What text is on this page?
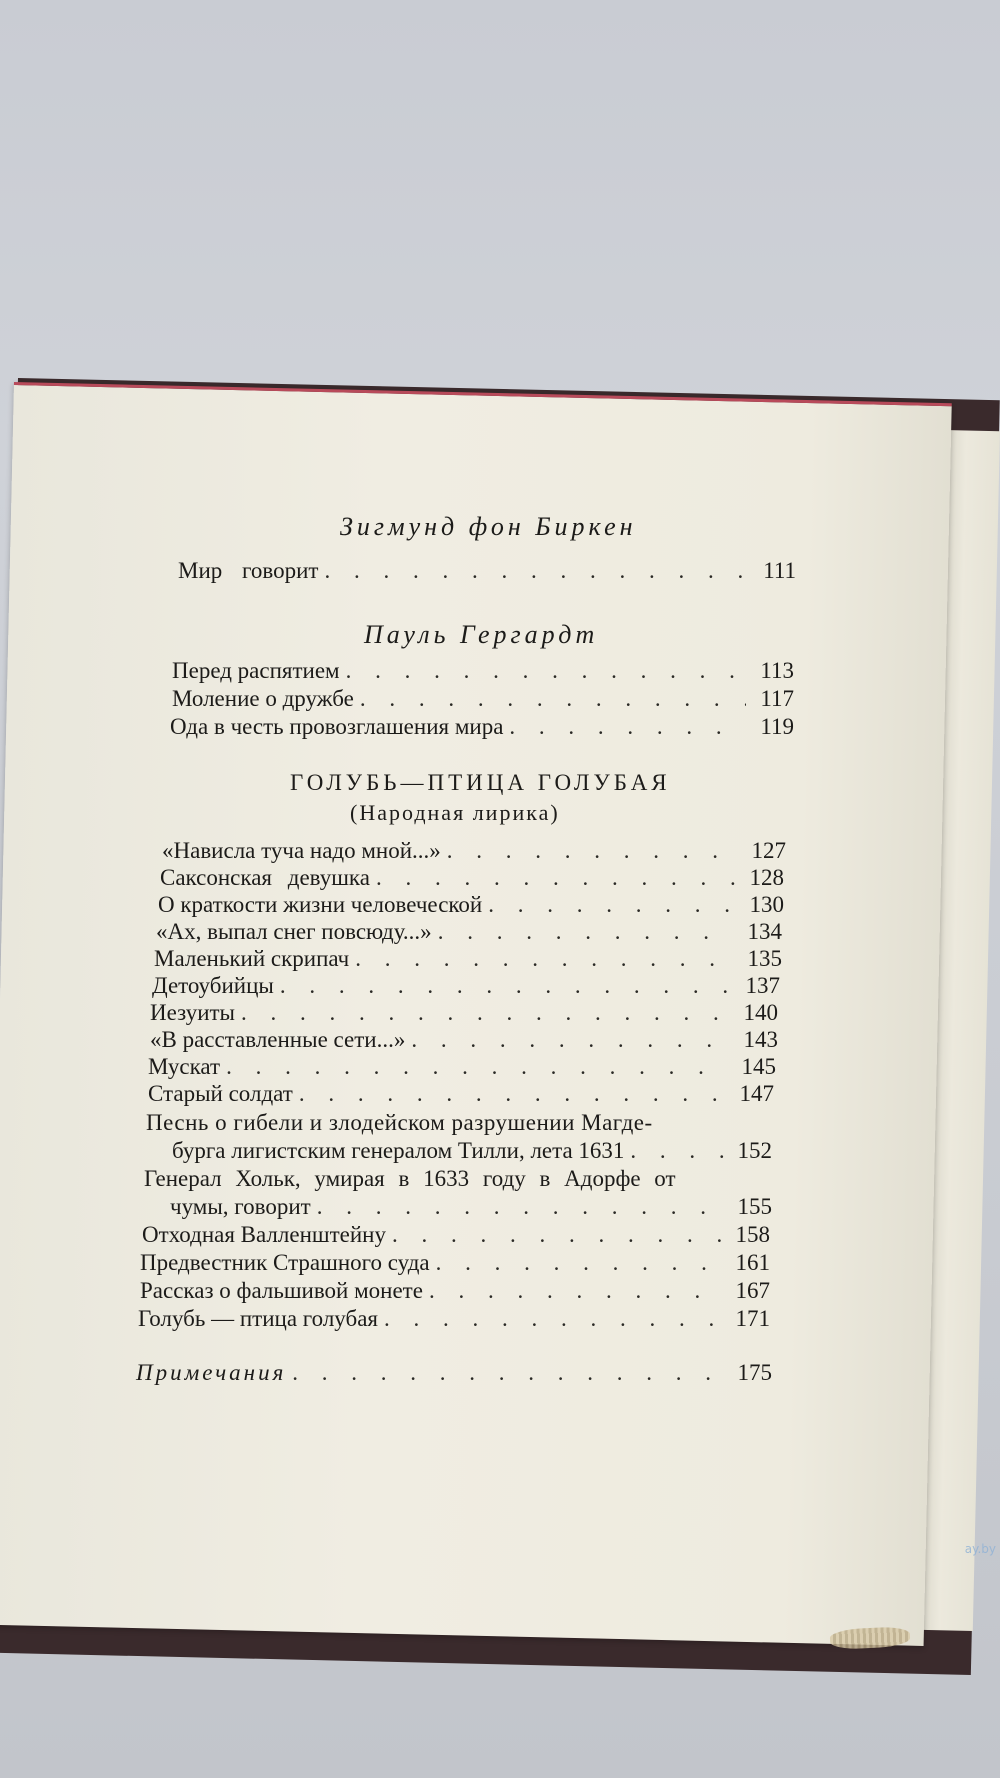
Зигмунд фон Биркен
Мир говорит . . .	111
Пауль Гергардт
Перед распятием . . .	113
Моление о дружбе . . .	117
Ода в честь провозглашения мира . . .	119
ГОЛУБЬ—ПТИЦА ГОЛУБАЯ
(Народная лирика)
«Нависла туча надо мной...» . . .	127
Саксонская девушка . . .	128
О краткости жизни человеческой . . .	130
«Ах, выпал снег повсюду...» . . .	134
Маленький скрипач . . .	135
Детоубийцы . . .	137
Иезуиты . . .	140
«В расставленные сети...» . . .	143
Мускат . . .	145
Старый солдат . . .	147
Песнь о гибели и злодейском разрушении Магде-
бурга лигистским генералом Тилли, лета 1631 . . .	152
Генерал Хольк, умирая в 1633 году в Адорфе от
чумы, говорит . . .	155
Отходная Валленштейну . . .	158
Предвестник Страшного суда . . .	161
Рассказ о фальшивой монете . . .	167
Голубь — птица голубая . . .	171
Примечания . . .	175
ay.by
